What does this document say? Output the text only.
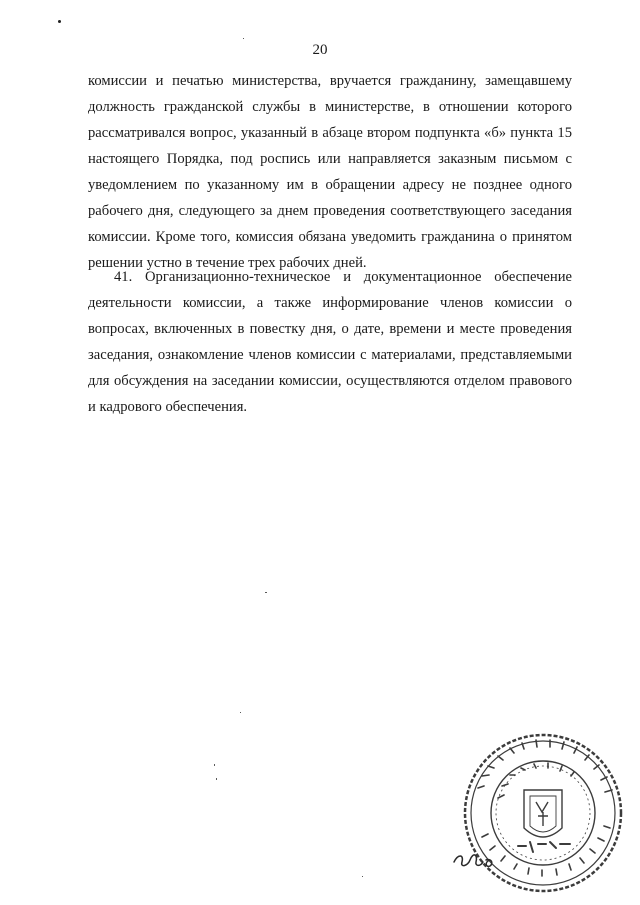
20
комиссии и печатью министерства, вручается гражданину, замещавшему
должность гражданской службы в министерстве, в отношении которого
рассматривался вопрос, указанный в абзаце втором подпункта «б» пункта 15
настоящего Порядка, под роспись или направляется заказным письмом с
уведомлением по указанному им в обращении адресу не позднее одного
рабочего дня, следующего за днем проведения соответствующего заседания
комиссии. Кроме того, комиссия обязана уведомить гражданина о принятом
решении устно в течение трех рабочих дней.
41. Организационно-техническое и документационное обеспечение
деятельности комиссии, а также информирование членов комиссии о
вопросах, включенных в повестку дня, о дате, времени и месте проведения
заседания, ознакомление членов комиссии с материалами, представляемыми
для обсуждения на заседании комиссии, осуществляются отделом правового
и кадрового обеспечения.
